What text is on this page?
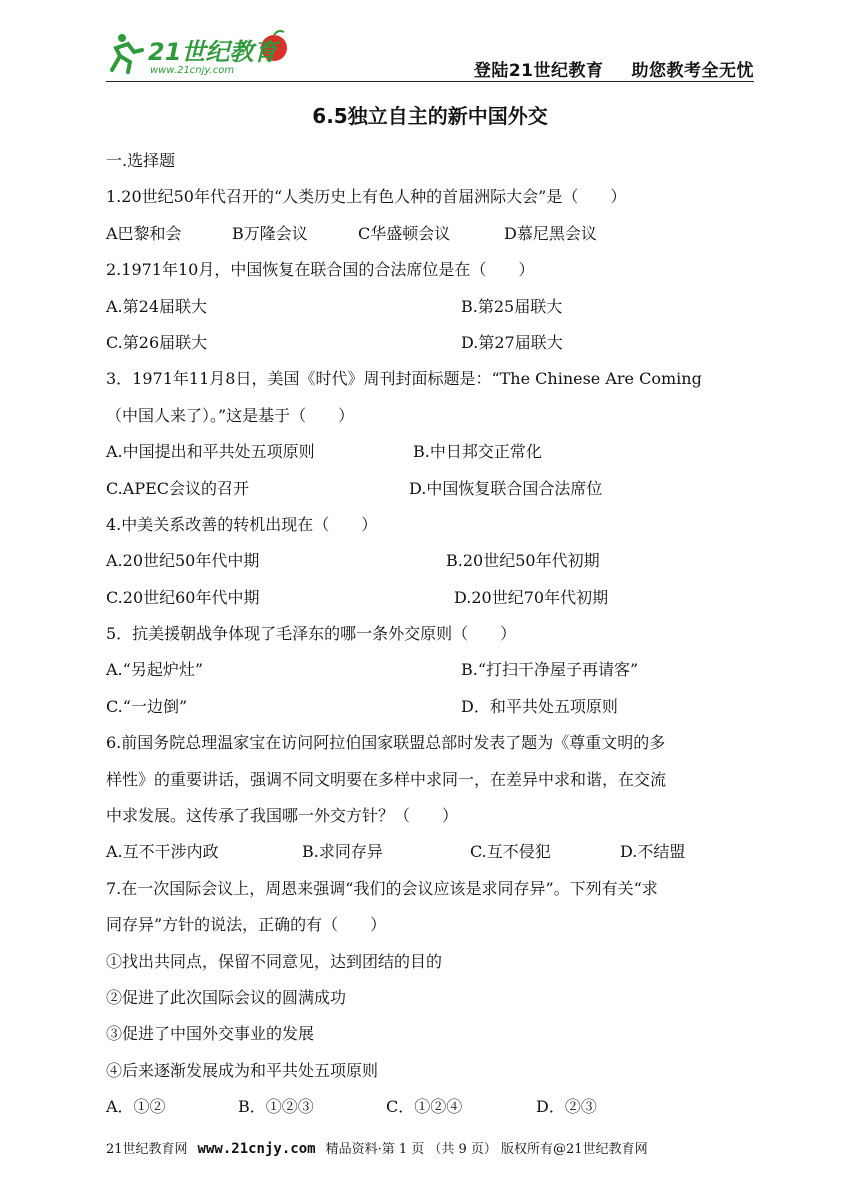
21世纪教育
www.21cnjy.com	登陆21世纪教育 助您教考全无忧
6.5独立自主的新中国外交
一.选择题
1.20世纪50年代召开的“人类历史上有色人种的首届洲际大会”是（　　）
A巴黎和会	B万隆会议	C华盛顿会议	D慕尼黑会议
2.1971年10月，中国恢复在联合国的合法席位是在（　　）
A.第24届联大	B.第25届联大
C.第26届联大	D.第27届联大
3．1971年11月8日，美国《时代》周刊封面标题是：“The Chinese Are Coming
（中国人来了）。”这是基于（　　）
A.中国提出和平共处五项原则	B.中日邦交正常化
C.APEC会议的召开	D.中国恢复联合国合法席位
4.中美关系改善的转机出现在（　　）
A.20世纪50年代中期	B.20世纪50年代初期
C.20世纪60年代中期	D.20世纪70年代初期
5．抗美援朝战争体现了毛泽东的哪一条外交原则（　　）
A.“另起炉灶”	B.“打扫干净屋子再请客”
C.“一边倒”	D．和平共处五项原则
6.前国务院总理温家宝在访问阿拉伯国家联盟总部时发表了题为《尊重文明的多
样性》的重要讲话，强调不同文明要在多样中求同一，在差异中求和谐，在交流
中求发展。这传承了我国哪一外交方针？（　　）
A.互不干涉内政	B.求同存异	C.互不侵犯	D.不结盟
7.在一次国际会议上，周恩来强调“我们的会议应该是求同存异”。下列有关“求
同存异”方针的说法，正确的有（　　）
①找出共同点，保留不同意见，达到团结的目的
②促进了此次国际会议的圆满成功
③促进了中国外交事业的发展
④后来逐渐发展成为和平共处五项原则
A．①②	B．①②③	C．①②④	D．②③
21世纪教育网 www.21cnjy.com 精品资料·第 1 页 （共 9 页） 版权所有@21世纪教育网
